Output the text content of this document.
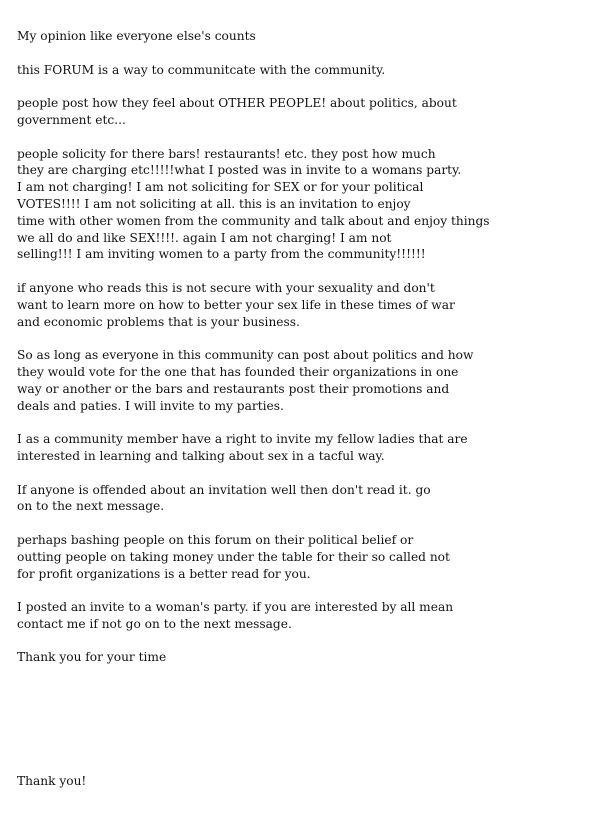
My opinion like everyone else's counts

this FORUM is a way to communitcate with the community.

people post how they feel about OTHER PEOPLE! about politics, about
government etc...

people solicity for there bars! restaurants! etc. they post how much
they are charging etc!!!!!what I posted was in invite to a womans party.
I am not charging! I am not soliciting for SEX or for your political
VOTES!!!! I am not soliciting at all. this is an invitation to enjoy
time with other women from the community and talk about and enjoy things
we all do and like SEX!!!!. again I am not charging! I am not
selling!!! I am inviting women to a party from the community!!!!!!

if anyone who reads this is not secure with your sexuality and don't
want to learn more on how to better your sex life in these times of war
and economic problems that is your business.

So as long as everyone in this community can post about politics and how
they would vote for the one that has founded their organizations in one
way or another or the bars and restaurants post their promotions and
deals and paties. I will invite to my parties.

I as a community member have a right to invite my fellow ladies that are
interested in learning and talking about sex in a tacful way.

If anyone is offended about an invitation well then don't read it. go
on to the next message.

perhaps bashing people on this forum on their political belief or
outting people on taking money under the table for their so called not
for profit organizations is a better read for you.

I posted an invite to a woman's party. if you are interested by all mean
contact me if not go on to the next message.

Thank you for your time

Thank you!
